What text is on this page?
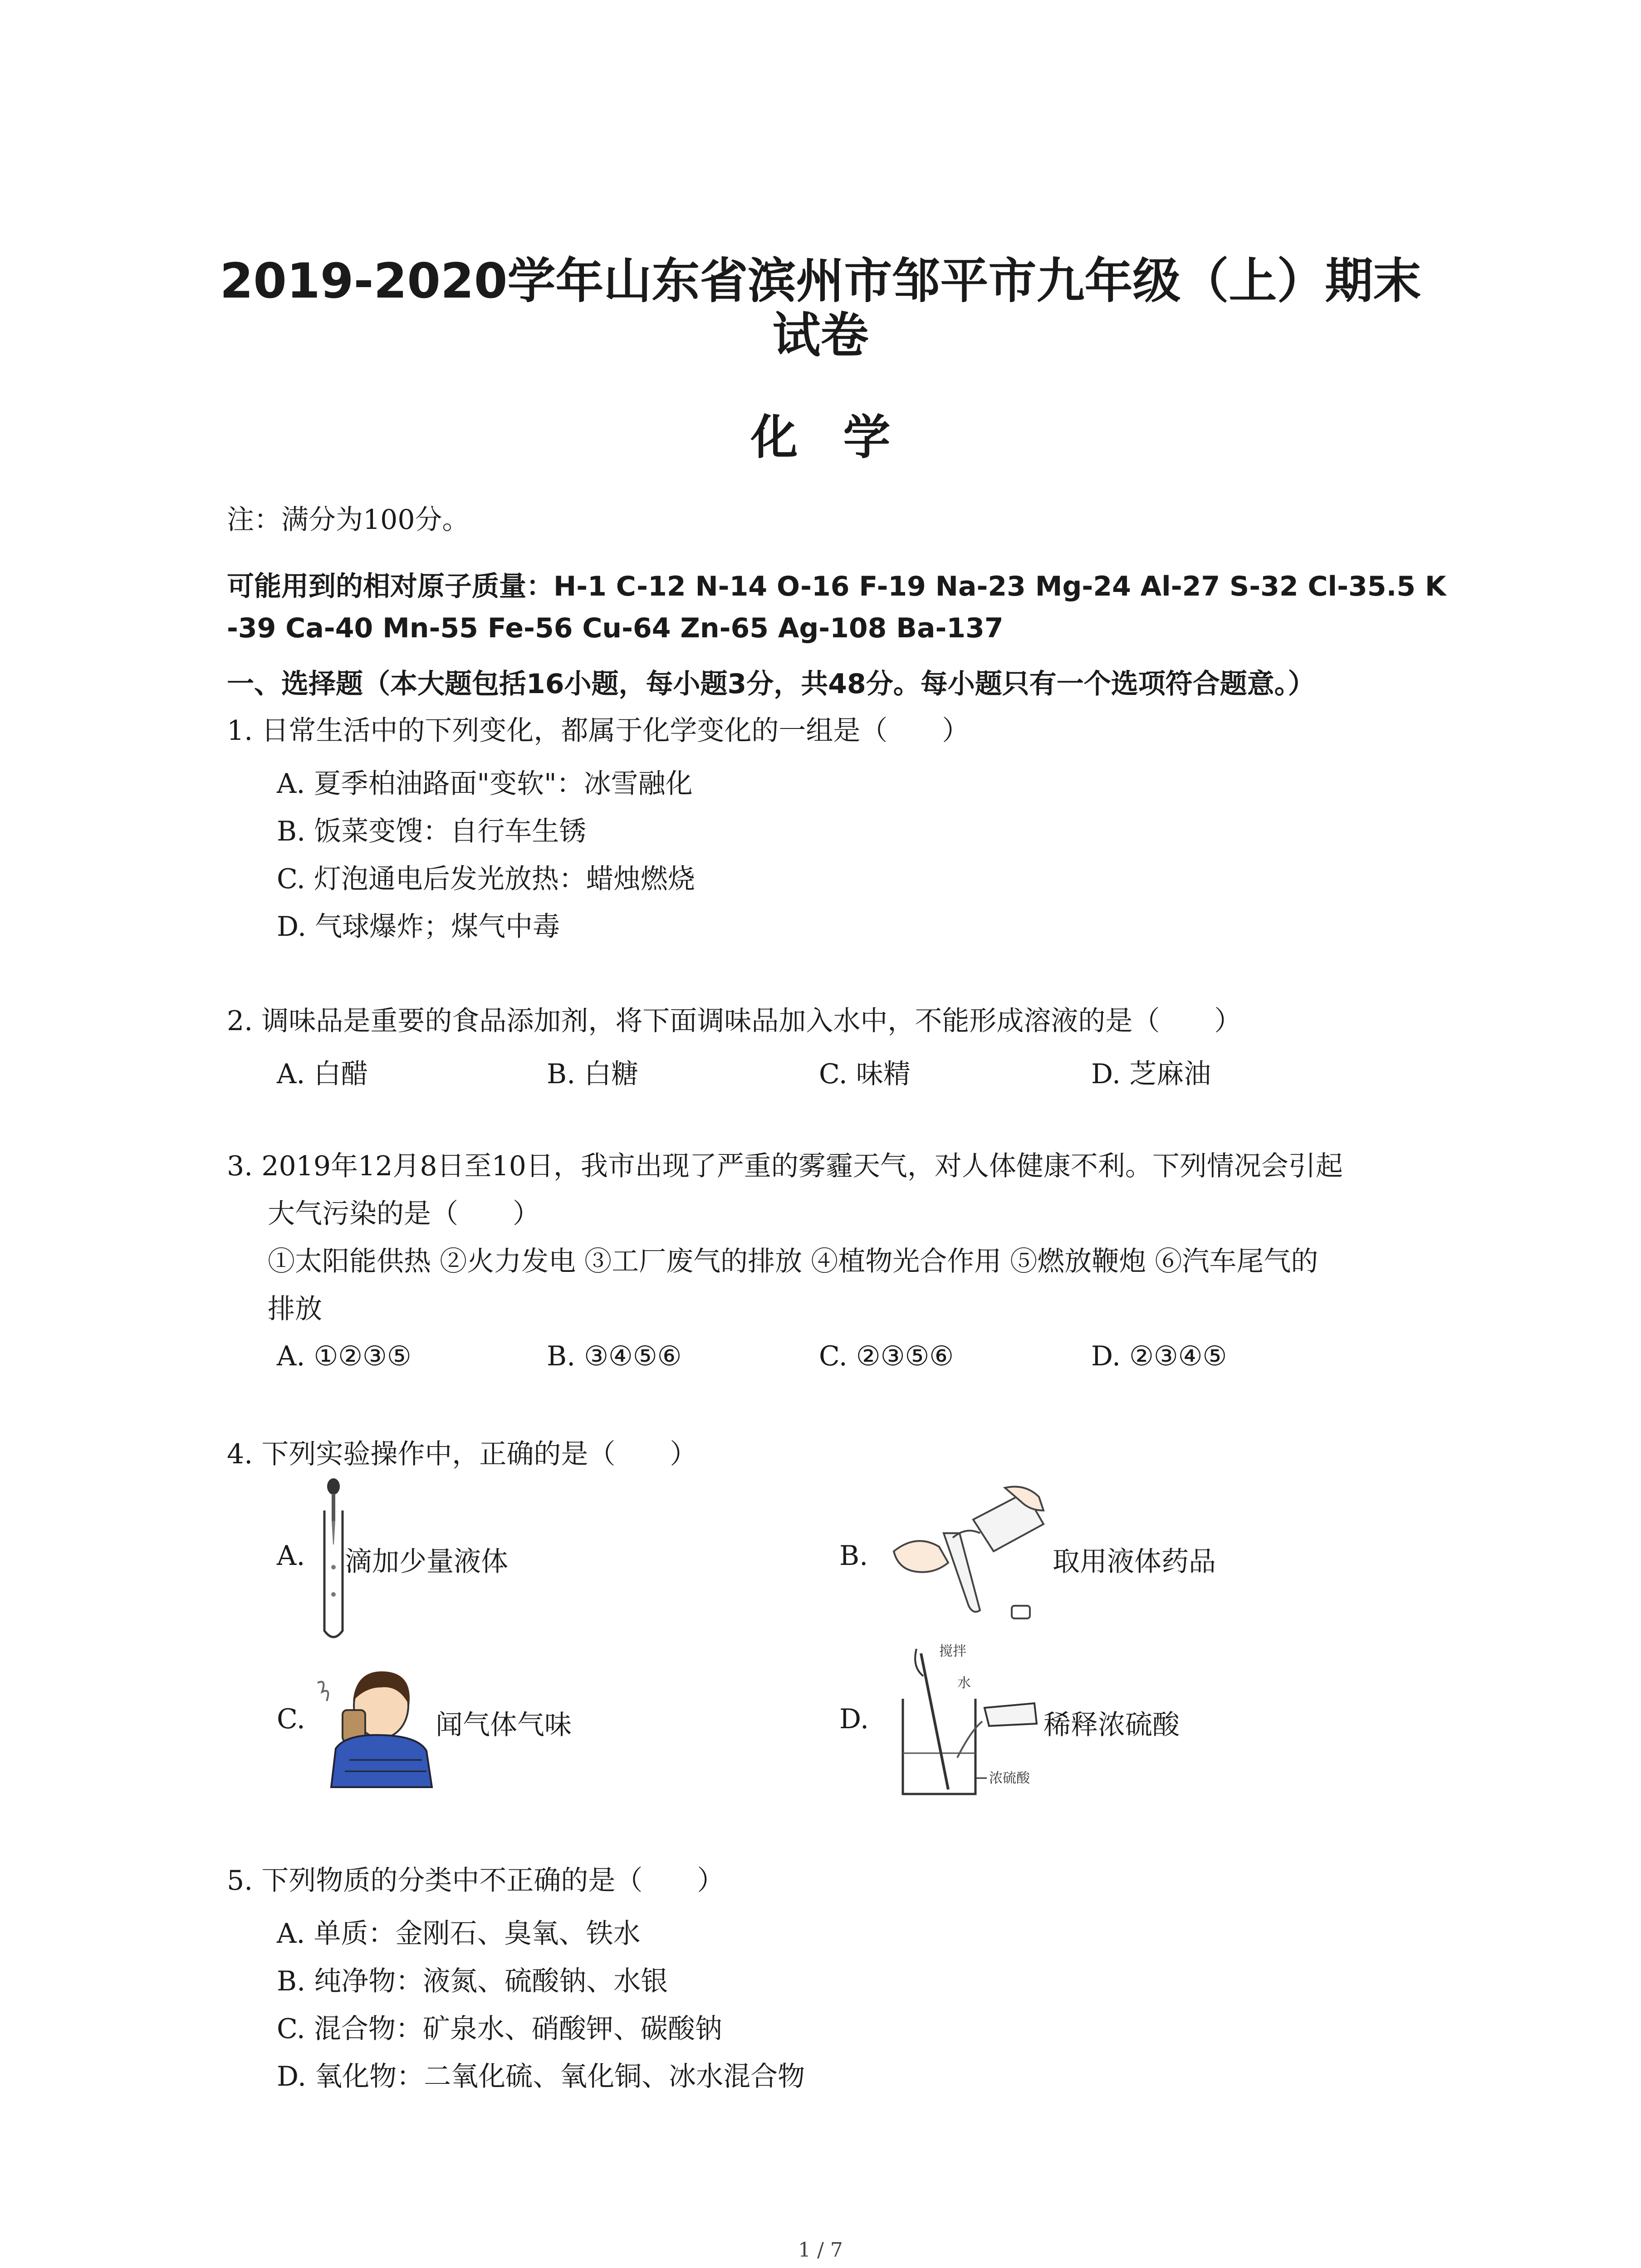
2019-2020学年山东省滨州市邹平市九年级（上）期末
试卷
化学
注：满分为100分。
可能用到的相对原子质量：H-1 C-12 N-14 O-16 F-19 Na-23 Mg-24 Al-27 S-32 Cl-35.5 K
-39 Ca-40 Mn-55 Fe-56 Cu-64 Zn-65 Ag-108 Ba-137
一、选择题（本大题包括16小题，每小题3分，共48分。每小题只有一个选项符合题意。）
1. 日常生活中的下列变化，都属于化学变化的一组是（　　）
A. 夏季柏油路面"变软"：冰雪融化
B. 饭菜变馊：自行车生锈
C. 灯泡通电后发光放热：蜡烛燃烧
D. 气球爆炸；煤气中毒
2. 调味品是重要的食品添加剂，将下面调味品加入水中，不能形成溶液的是（　　）
A. 白醋	B. 白糖	C. 味精	D. 芝麻油
3. 2019年12月8日至10日，我市出现了严重的雾霾天气，对人体健康不利。下列情况会引起
大气污染的是（　　）
①太阳能供热 ②火力发电 ③工厂废气的排放 ④植物光合作用 ⑤燃放鞭炮 ⑥汽车尾气的
排放
A. ①②③⑤	B. ③④⑤⑥	C. ②③⑤⑥	D. ②③④⑤
4. 下列实验操作中，正确的是（　　）
A. 滴加少量液体	B.	取用液体药品
C.	闻气体气味	D.
搅拌
水
浓硫酸
稀释浓硫酸
5. 下列物质的分类中不正确的是（　　）
A. 单质：金刚石、臭氧、铁水
B. 纯净物：液氮、硫酸钠、水银
C. 混合物：矿泉水、硝酸钾、碳酸钠
D. 氧化物：二氧化硫、氧化铜、冰水混合物
1 / 7
